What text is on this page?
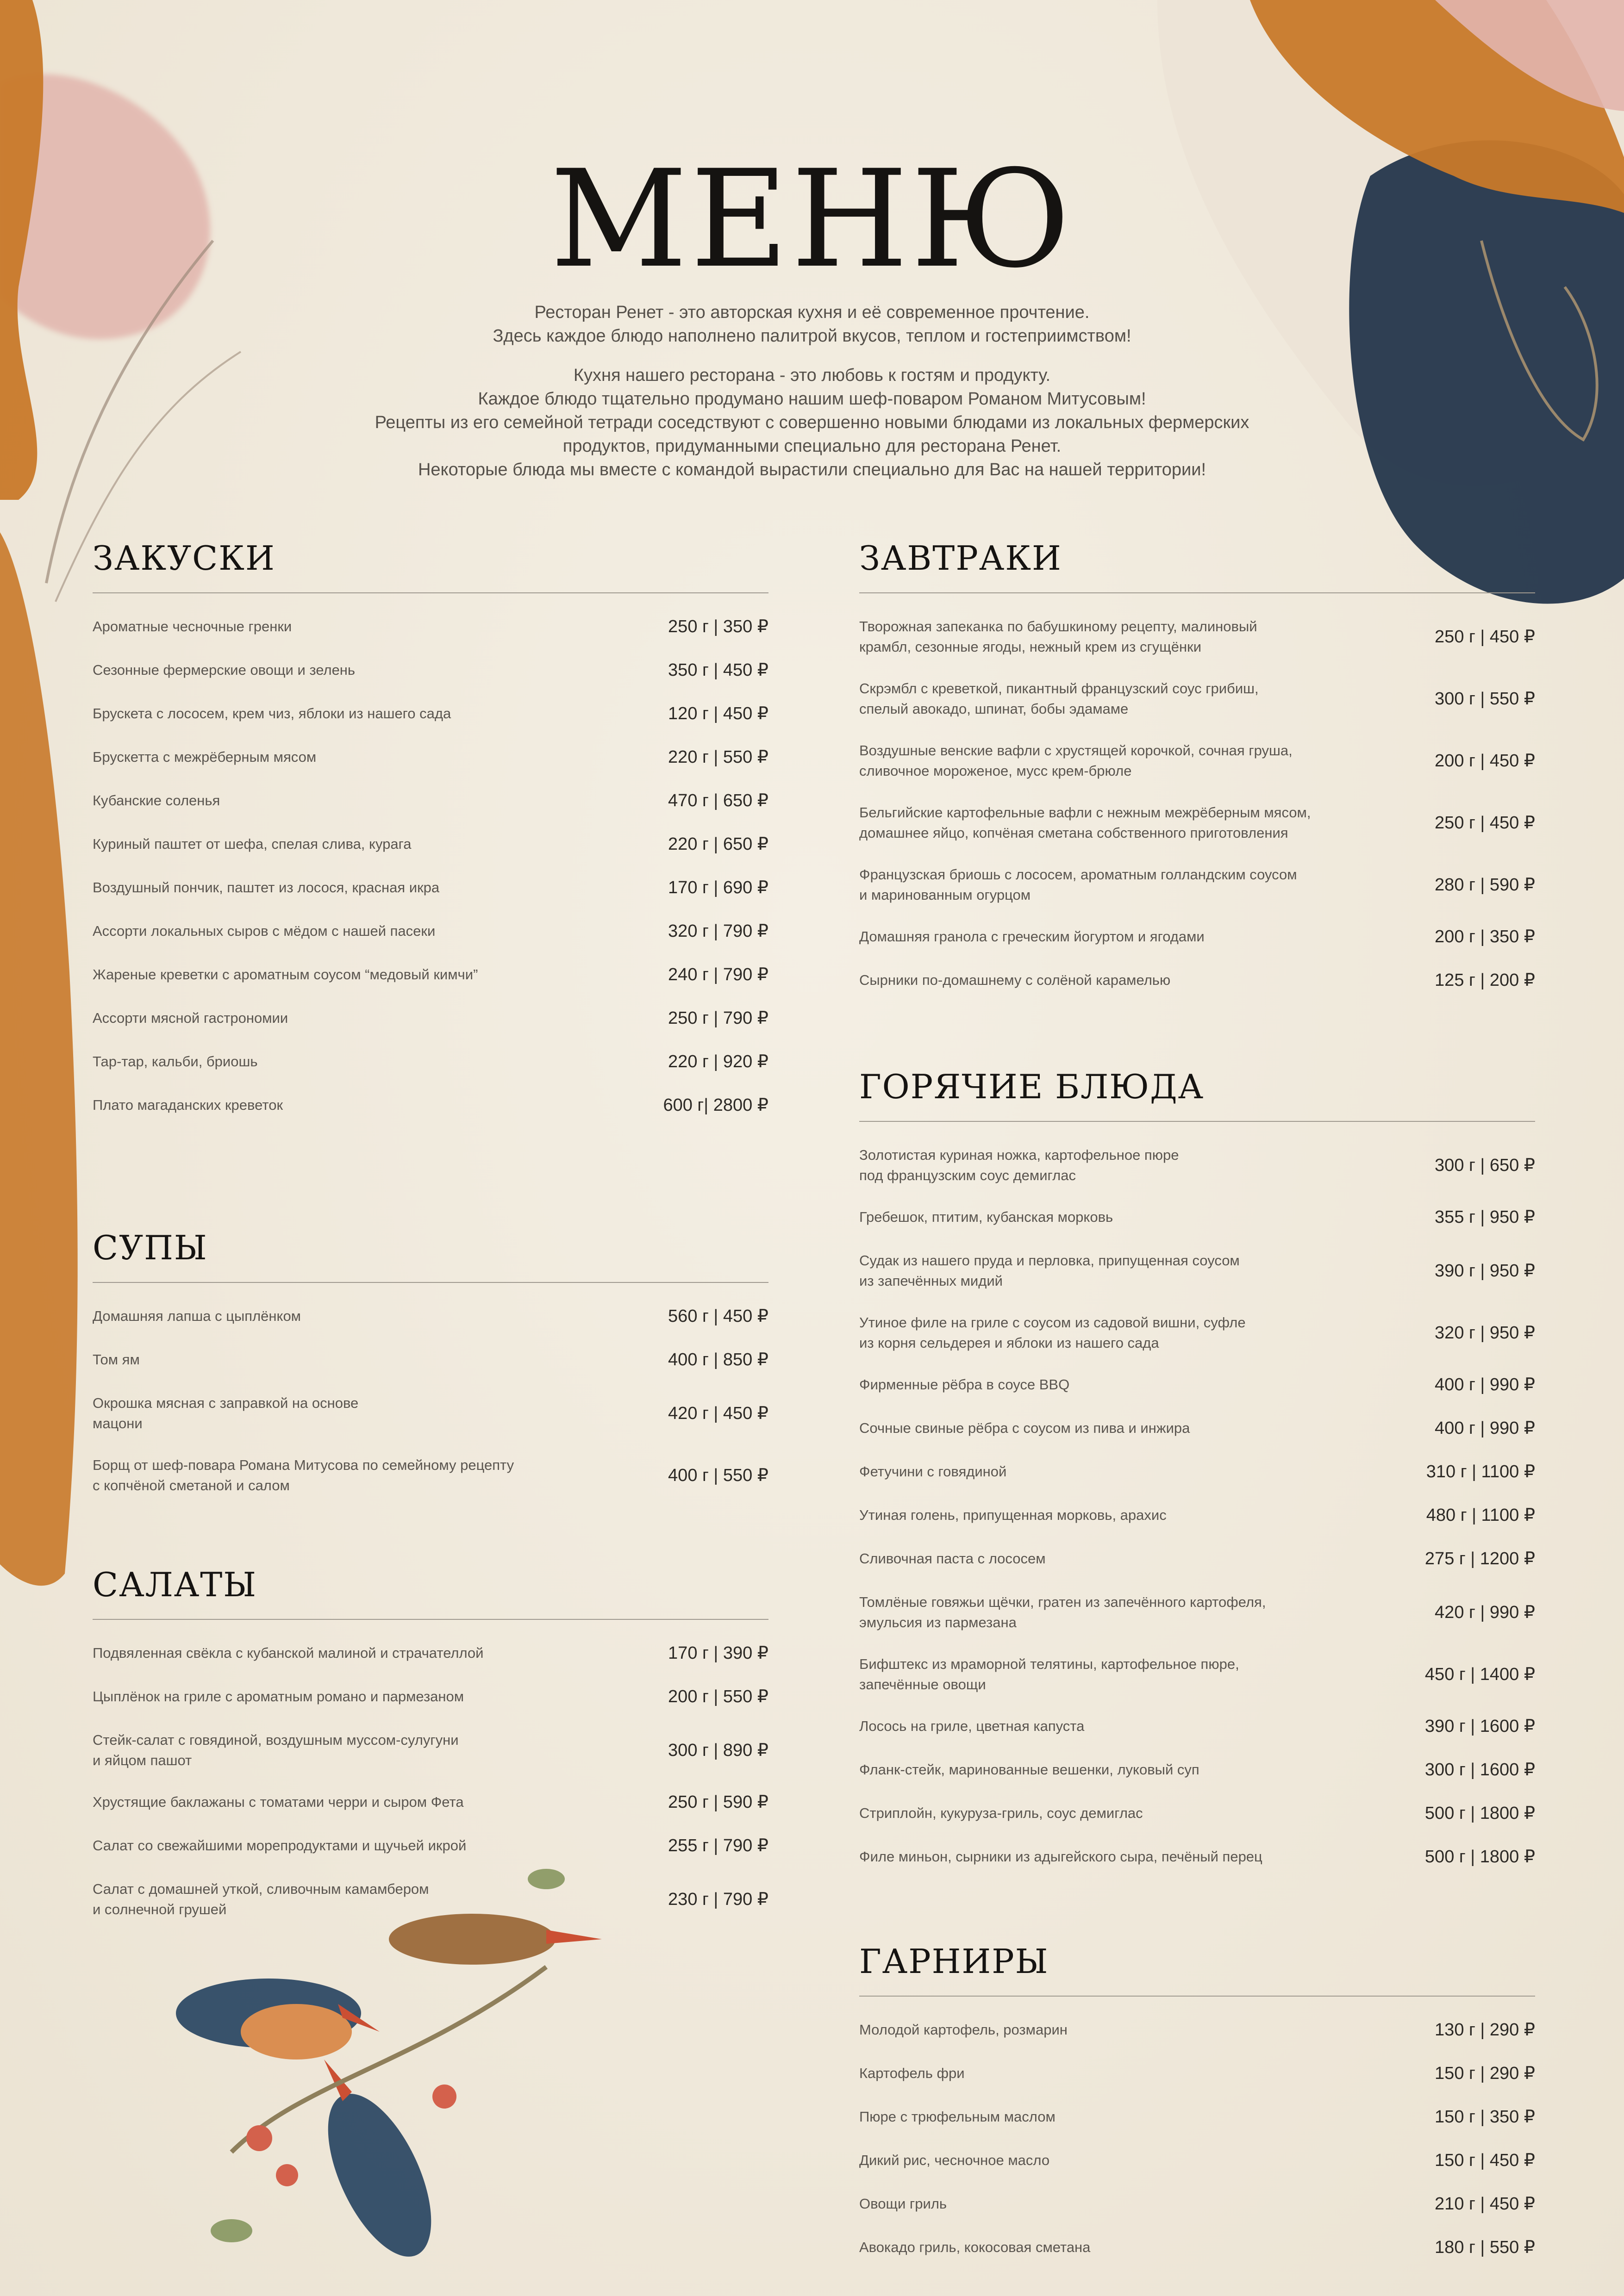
МЕНЮ

Ресторан Ренет - это авторская кухня и её современное прочтение.

Здесь каждое блюдо наполнено палитрой вкусов, теплом и гостеприимством!

Кухня нашего ресторана - это любовь к гостям и продукту.

Каждое блюдо тщательно продумано нашим шеф-поваром Романом Митусовым!

Рецепты из его семейной тетради соседствуют с совершенно новыми блюдами из локальных фермерских

продуктов, придуманными специально для ресторана Ренет.

Некоторые блюда мы вместе с командой вырастили специально для Вас на нашей территории!

ЗАКУСКИ
Ароматные чесночные гренки	250 г | 350 ₽
Сезонные фермерские овощи и зелень	350 г | 450 ₽
Брускета с лососем, крем чиз, яблоки из нашего сада	120 г | 450 ₽
Брускетта с межрёберным мясом	220 г | 550 ₽
Кубанские соленья	470 г | 650 ₽
Куриный паштет от шефа, спелая слива, курага	220 г | 650 ₽
Воздушный пончик, паштет из лосося, красная икра	170 г | 690 ₽
Ассорти локальных сыров с мёдом с нашей пасеки	320 г | 790 ₽
Жареные креветки с ароматным соусом “медовый кимчи”	240 г | 790 ₽
Ассорти мясной гастрономии	250 г | 790 ₽
Тар-тар, кальби, бриошь	220 г | 920 ₽
Плато магаданских креветок	600 г| 2800 ₽
СУПЫ
Домашняя лапша с цыплёнком	560 г | 450 ₽
Том ям	400 г | 850 ₽
Окрошка мясная с заправкой на основе
мацони
420 г | 450 ₽
Борщ от шеф-повара Романа Митусова по семейному рецепту
с копчёной сметаной и салом
400 г | 550 ₽
САЛАТЫ
Подвяленная свёкла с кубанской малиной и страчателлой	170 г | 390 ₽
Цыплёнок на гриле с ароматным романо и пармезаном	200 г | 550 ₽
Стейк-салат с говядиной, воздушным муссом-сулугуни
и яйцом пашот
300 г | 890 ₽
Хрустящие баклажаны с томатами черри и сыром Фета	250 г | 590 ₽
Салат со свежайшими морепродуктами и щучьей икрой	255 г | 790 ₽
Салат с домашней уткой, сливочным камамбером
и солнечной грушей
230 г | 790 ₽
ЗАВТРАКИ
Творожная запеканка по бабушкиному рецепту, малиновый
крамбл, сезонные ягоды, нежный крем из сгущёнки
250 г | 450 ₽
Скрэмбл с креветкой, пикантный французский соус грибиш,
спелый авокадо, шпинат, бобы эдамаме
300 г | 550 ₽
Воздушные венские вафли с хрустящей корочкой, сочная груша,
сливочное мороженое, мусс крем-брюле
200 г | 450 ₽
Бельгийские картофельные вафли с нежным межрёберным мясом,
домашнее яйцо, копчёная сметана собственного приготовления
250 г | 450 ₽
Французская бриошь с лососем, ароматным голландским соусом
и маринованным огурцом
280 г | 590 ₽
Домашняя гранола с греческим йогуртом и ягодами	200 г | 350 ₽
Сырники по-домашнему с солёной карамелью	125 г | 200 ₽
ГОРЯЧИЕ БЛЮДА
Золотистая куриная ножка, картофельное пюре
под французским соус демиглас
300 г | 650 ₽
Гребешок, птитим, кубанская морковь	355 г | 950 ₽
Судак из нашего пруда и перловка, припущенная соусом
из запечённых мидий
390 г | 950 ₽
Утиное филе на гриле с соусом из садовой вишни, суфле
из корня сельдерея и яблоки из нашего сада
320 г | 950 ₽
Фирменные рёбра в соусе BBQ	400 г | 990 ₽
Сочные свиные рёбра с соусом из пива и инжира	400 г | 990 ₽
Фетучини с говядиной	310 г | 1100 ₽
Утиная голень, припущенная морковь, арахис	480 г | 1100 ₽
Сливочная паста с лососем	275 г | 1200 ₽
Томлёные говяжьи щёчки, гратен из запечённого картофеля,
эмульсия из пармезана
420 г | 990 ₽
Бифштекс из мраморной телятины, картофельное пюре,
запечённые овощи
450 г | 1400 ₽
Лосось на гриле, цветная капуста	390 г | 1600 ₽
Фланк-стейк, маринованные вешенки, луковый суп	300 г | 1600 ₽
Стриплойн, кукуруза-гриль, соус демиглас	500 г | 1800 ₽
Филе миньон, сырники из адыгейского сыра, печёный перец	500 г | 1800 ₽
ГАРНИРЫ
Молодой картофель, розмарин	130 г | 290 ₽
Картофель фри	150 г | 290 ₽
Пюре с трюфельным маслом	150 г | 350 ₽
Дикий рис, чесночное масло	150 г | 450 ₽
Овощи гриль	210 г | 450 ₽
Авокадо гриль, кокосовая сметана	180 г | 550 ₽
